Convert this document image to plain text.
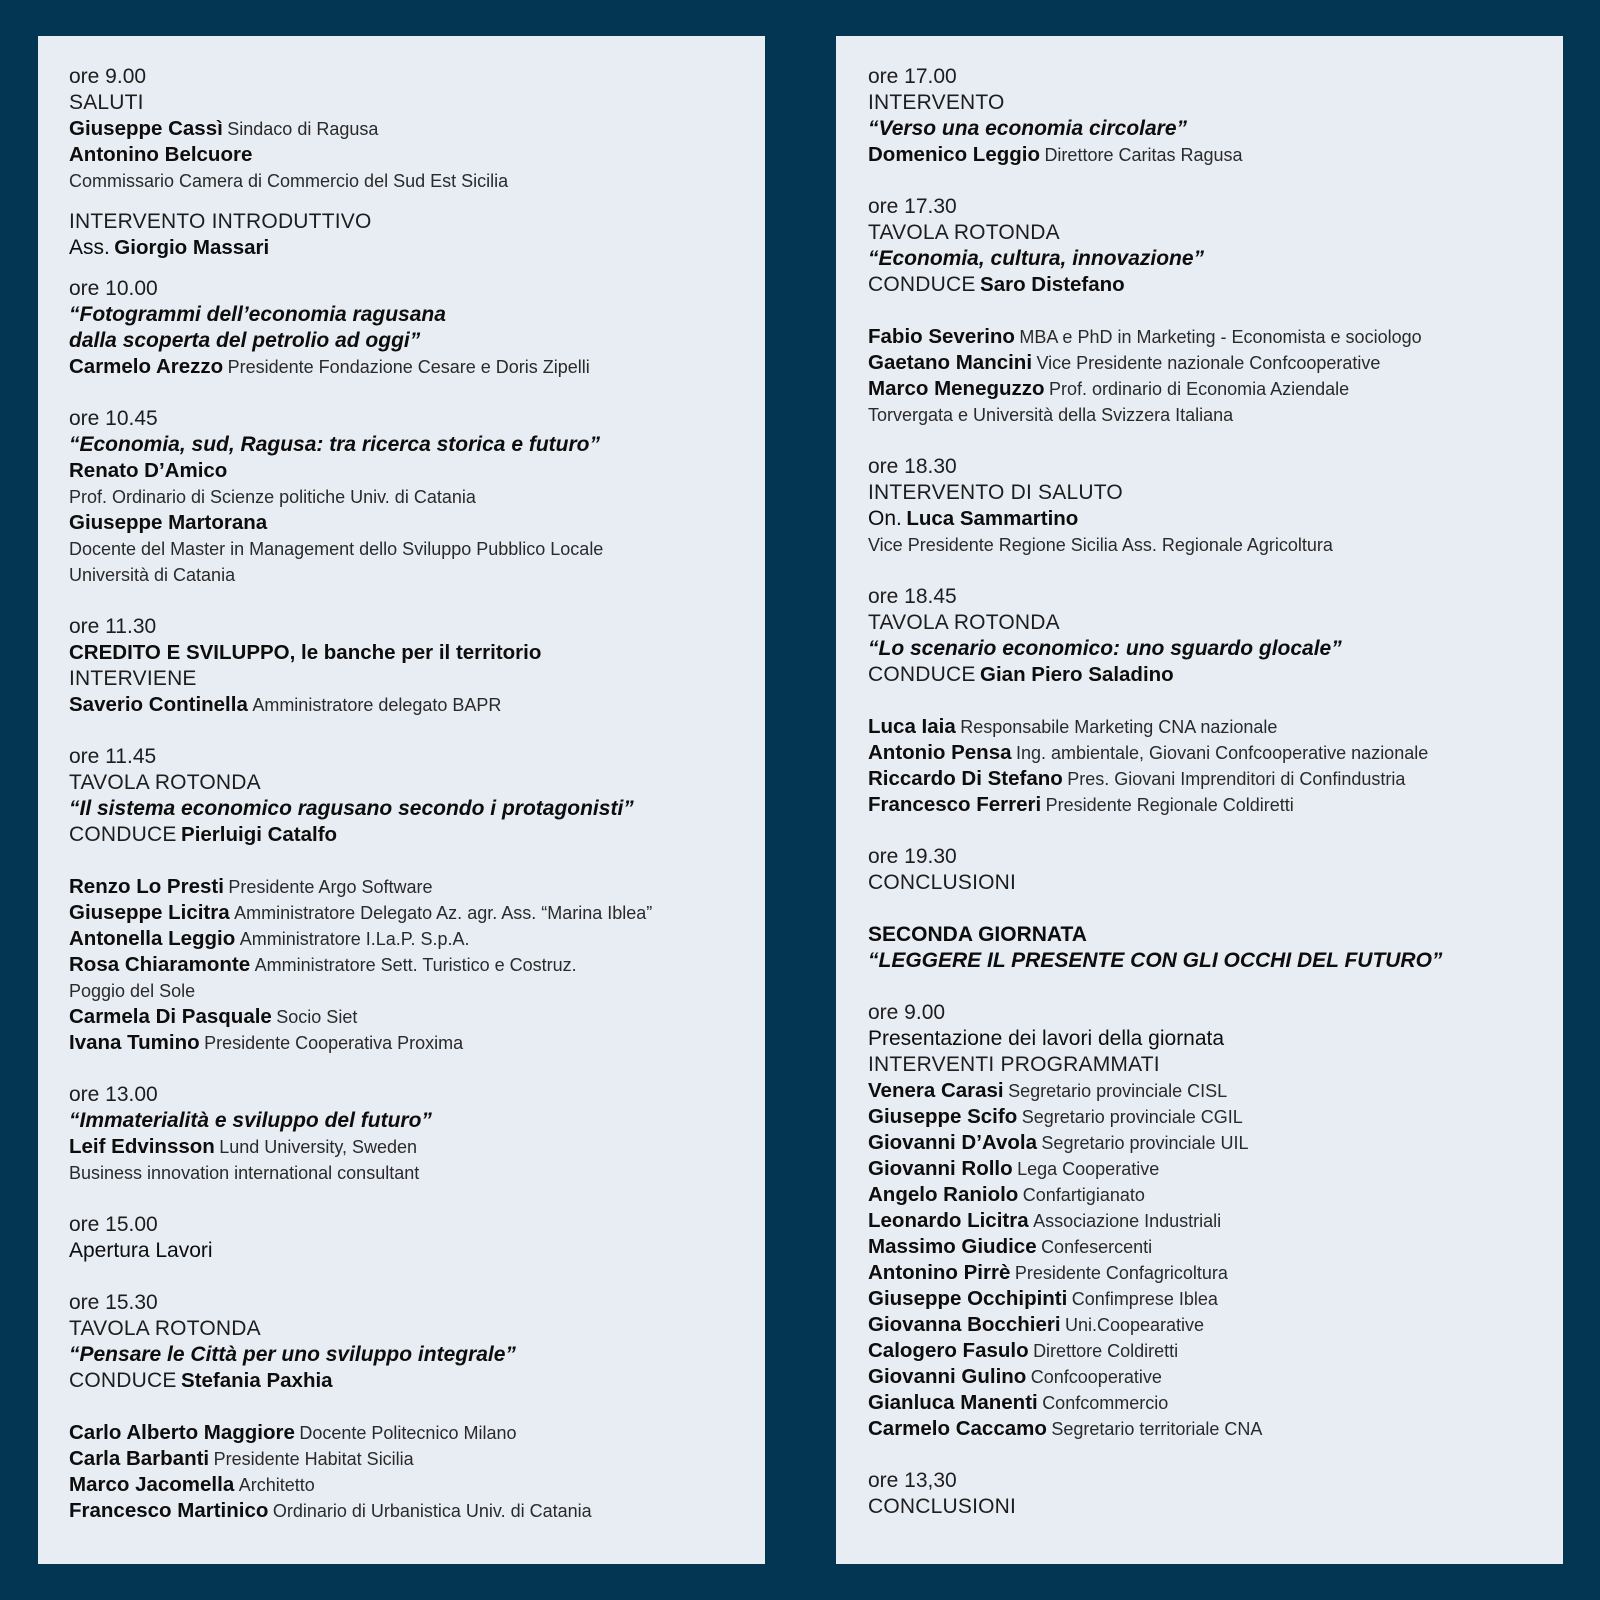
ore 9.00
SALUTI
Giuseppe Cassì Sindaco di Ragusa
Antonino Belcuore
Commissario Camera di Commercio del Sud Est Sicilia
INTERVENTO INTRODUTTIVO
Ass. Giorgio Massari
ore 10.00
“Fotogrammi dell’economia ragusana
dalla scoperta del petrolio ad oggi”
Carmelo Arezzo Presidente Fondazione Cesare e Doris Zipelli
ore 10.45
“Economia, sud, Ragusa: tra ricerca storica e futuro”
Renato D’Amico
Prof. Ordinario di Scienze politiche Univ. di Catania
Giuseppe Martorana
Docente del Master in Management dello Sviluppo Pubblico Locale
Università di Catania
ore 11.30
CREDITO E SVILUPPO, le banche per il territorio
INTERVIENE
Saverio Continella Amministratore delegato BAPR
ore 11.45
TAVOLA ROTONDA
“Il sistema economico ragusano secondo i protagonisti”
CONDUCE Pierluigi Catalfo
Renzo Lo Presti Presidente Argo Software
Giuseppe Licitra Amministratore Delegato Az. agr. Ass. “Marina Iblea”
Antonella Leggio Amministratore I.La.P. S.p.A.
Rosa Chiaramonte Amministratore Sett. Turistico e Costruz.
Poggio del Sole
Carmela Di Pasquale Socio Siet
Ivana Tumino Presidente Cooperativa Proxima
ore 13.00
“Immaterialità e sviluppo del futuro”
Leif Edvinsson Lund University, Sweden
Business innovation international consultant
ore 15.00
Apertura Lavori
ore 15.30
TAVOLA ROTONDA
“Pensare le Città per uno sviluppo integrale”
CONDUCE Stefania Paxhia
Carlo Alberto Maggiore Docente Politecnico Milano
Carla Barbanti Presidente Habitat Sicilia
Marco Jacomella Architetto
Francesco Martinico Ordinario di Urbanistica Univ. di Catania
ore 17.00
INTERVENTO
“Verso una economia circolare”
Domenico Leggio Direttore Caritas Ragusa
ore 17.30
TAVOLA ROTONDA
“Economia, cultura, innovazione”
CONDUCE Saro Distefano
Fabio Severino MBA e PhD in Marketing - Economista e sociologo
Gaetano Mancini Vice Presidente nazionale Confcooperative
Marco Meneguzzo Prof. ordinario di Economia Aziendale
Torvergata e Università della Svizzera Italiana
ore 18.30
INTERVENTO DI SALUTO
On. Luca Sammartino
Vice Presidente Regione Sicilia Ass. Regionale Agricoltura
ore 18.45
TAVOLA ROTONDA
“Lo scenario economico: uno sguardo glocale”
CONDUCE Gian Piero Saladino
Luca Iaia Responsabile Marketing CNA nazionale
Antonio Pensa Ing. ambientale, Giovani Confcooperative nazionale
Riccardo Di Stefano Pres. Giovani Imprenditori di Confindustria
Francesco Ferreri Presidente Regionale Coldiretti
ore 19.30
CONCLUSIONI
SECONDA GIORNATA
“LEGGERE IL PRESENTE CON GLI OCCHI DEL FUTURO”
ore 9.00
Presentazione dei lavori della giornata
INTERVENTI PROGRAMMATI
Venera Carasi Segretario provinciale CISL
Giuseppe Scifo Segretario provinciale CGIL
Giovanni D’Avola Segretario provinciale UIL
Giovanni Rollo Lega Cooperative
Angelo Raniolo Confartigianato
Leonardo Licitra Associazione Industriali
Massimo Giudice Confesercenti
Antonino Pirrè Presidente Confagricoltura
Giuseppe Occhipinti Confimprese Iblea
Giovanna Bocchieri Uni.Coopearative
Calogero Fasulo Direttore Coldiretti
Giovanni Gulino Confcooperative
Gianluca Manenti Confcommercio
Carmelo Caccamo Segretario territoriale CNA
ore 13,30
CONCLUSIONI
